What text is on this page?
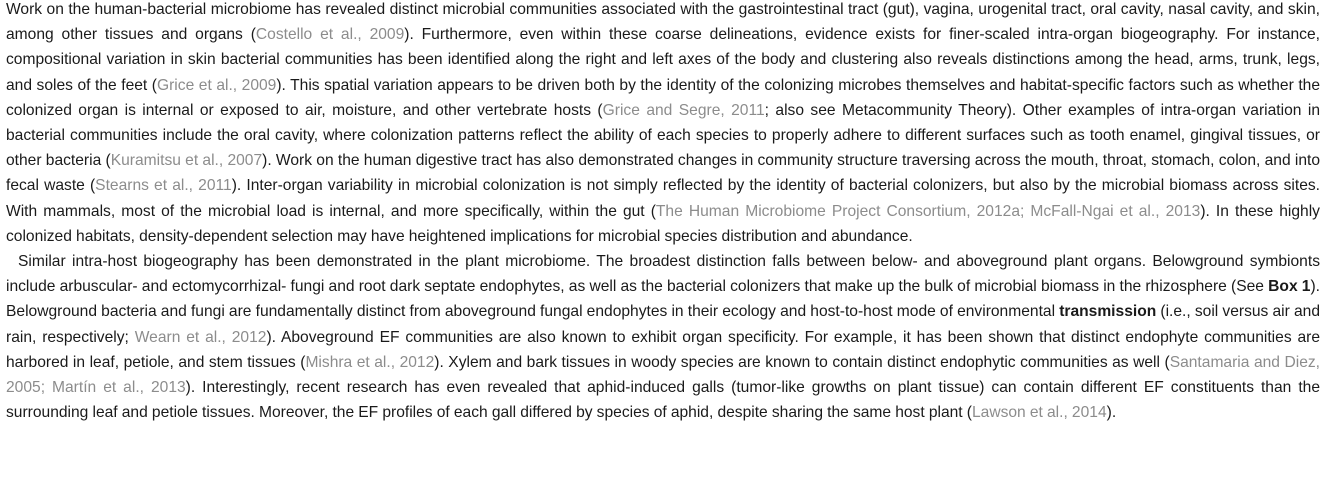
Work on the human-bacterial microbiome has revealed distinct microbial communities associated with the gastrointestinal tract (gut), vagina, urogenital tract, oral cavity, nasal cavity, and skin, among other tissues and organs (Costello et al., 2009). Furthermore, even within these coarse delineations, evidence exists for finer-scaled intra-organ biogeography. For instance, compositional variation in skin bacterial communities has been identified along the right and left axes of the body and clustering also reveals distinctions among the head, arms, trunk, legs, and soles of the feet (Grice et al., 2009). This spatial variation appears to be driven both by the identity of the colonizing microbes themselves and habitat-specific factors such as whether the colonized organ is internal or exposed to air, moisture, and other vertebrate hosts (Grice and Segre, 2011; also see Metacommunity Theory). Other examples of intra-organ variation in bacterial communities include the oral cavity, where colonization patterns reflect the ability of each species to properly adhere to different surfaces such as tooth enamel, gingival tissues, or other bacteria (Kuramitsu et al., 2007). Work on the human digestive tract has also demonstrated changes in community structure traversing across the mouth, throat, stomach, colon, and into fecal waste (Stearns et al., 2011). Inter-organ variability in microbial colonization is not simply reflected by the identity of bacterial colonizers, but also by the microbial biomass across sites. With mammals, most of the microbial load is internal, and more specifically, within the gut (The Human Microbiome Project Consortium, 2012a; McFall-Ngai et al., 2013). In these highly colonized habitats, density-dependent selection may have heightened implications for microbial species distribution and abundance.

Similar intra-host biogeography has been demonstrated in the plant microbiome. The broadest distinction falls between below- and aboveground plant organs. Belowground symbionts include arbuscular- and ectomycorrhizal- fungi and root dark septate endophytes, as well as the bacterial colonizers that make up the bulk of microbial biomass in the rhizosphere (See Box 1). Belowground bacteria and fungi are fundamentally distinct from aboveground fungal endophytes in their ecology and host-to-host mode of environmental transmission (i.e., soil versus air and rain, respectively; Wearn et al., 2012). Aboveground EF communities are also known to exhibit organ specificity. For example, it has been shown that distinct endophyte communities are harbored in leaf, petiole, and stem tissues (Mishra et al., 2012). Xylem and bark tissues in woody species are known to contain distinct endophytic communities as well (Santamaria and Diez, 2005; Martín et al., 2013). Interestingly, recent research has even revealed that aphid-induced galls (tumor-like growths on plant tissue) can contain different EF constituents than the surrounding leaf and petiole tissues. Moreover, the EF profiles of each gall differed by species of aphid, despite sharing the same host plant (Lawson et al., 2014).
